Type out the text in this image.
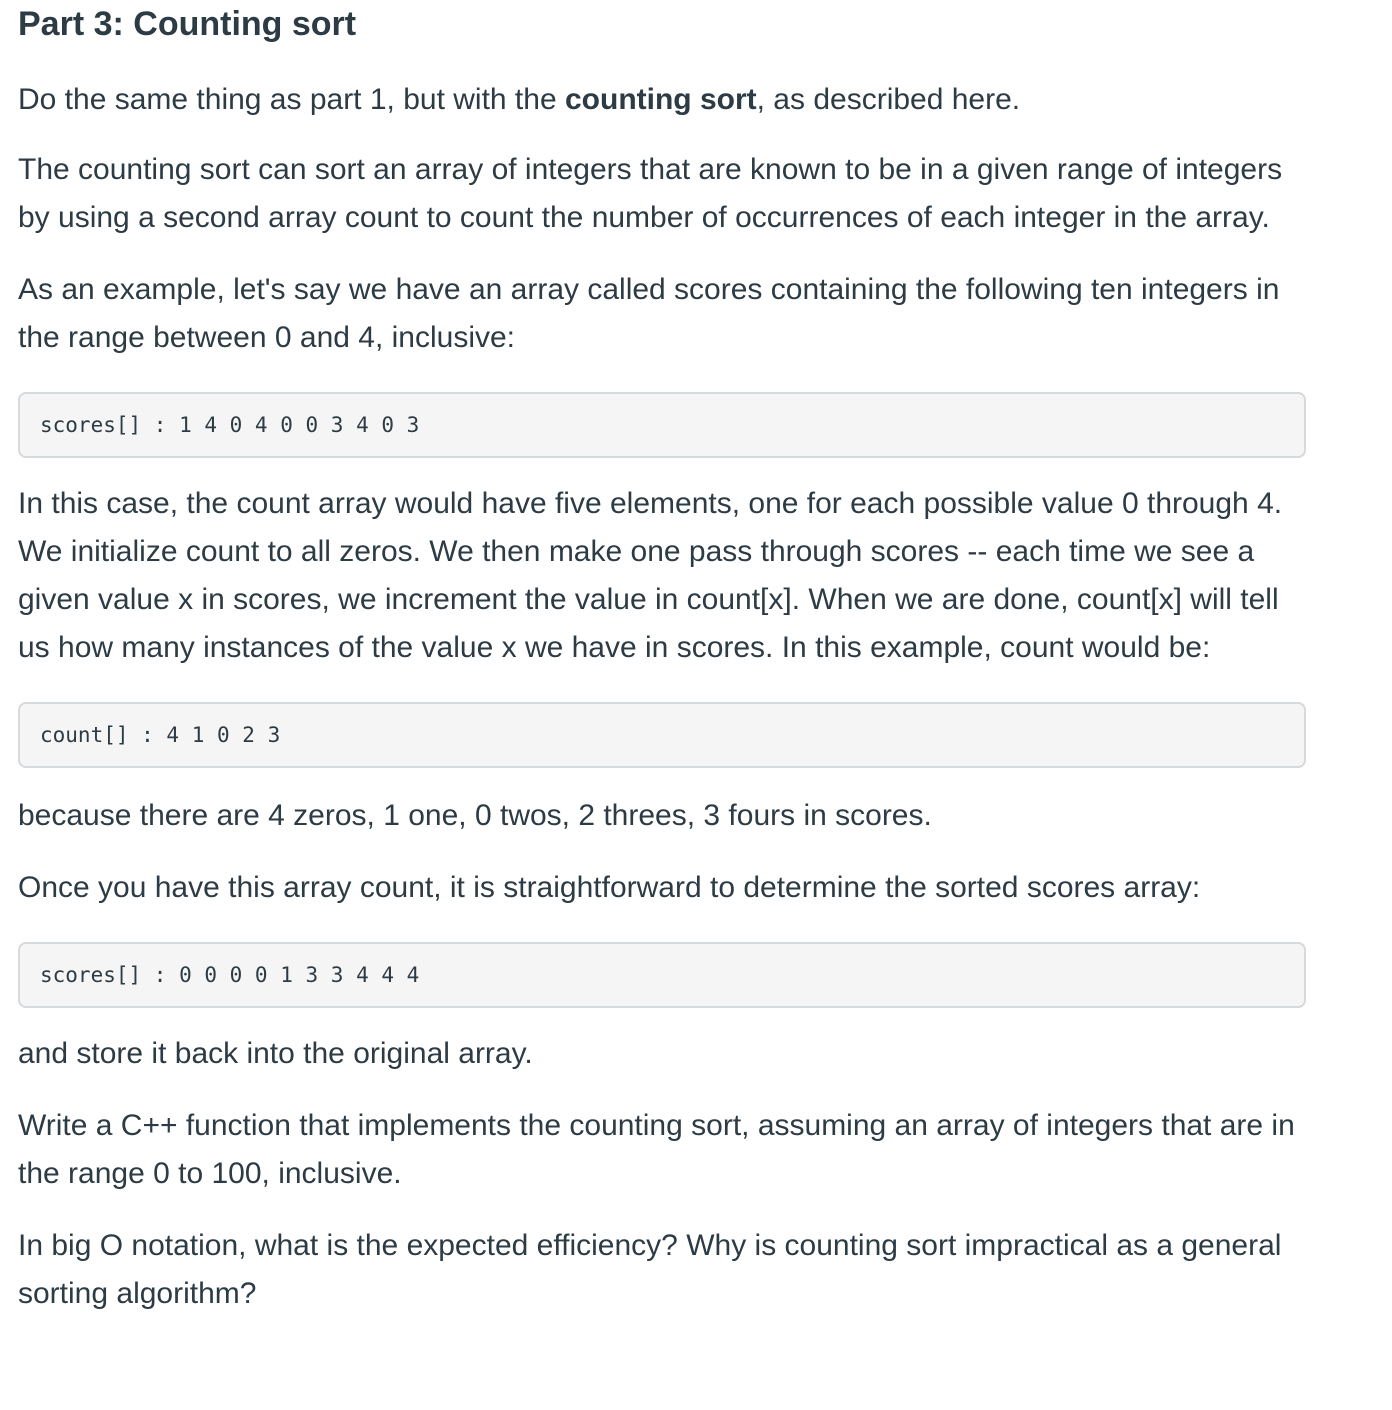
Part 3: Counting sort

Do the same thing as part 1, but with the counting sort, as described here.

The counting sort can sort an array of integers that are known to be in a given range of integers by using a second array count to count the number of occurrences of each integer in the array.

As an example, let's say we have an array called scores containing the following ten integers in the range between 0 and 4, inclusive:

scores[] : 1 4 0 4 0 0 3 4 0 3

In this case, the count array would have five elements, one for each possible value 0 through 4. We initialize count to all zeros. We then make one pass through scores -- each time we see a given value x in scores, we increment the value in count[x]. When we are done, count[x] will tell us how many instances of the value x we have in scores. In this example, count would be:

count[] : 4 1 0 2 3

because there are 4 zeros, 1 one, 0 twos, 2 threes, 3 fours in scores.

Once you have this array count, it is straightforward to determine the sorted scores array:

scores[] : 0 0 0 0 1 3 3 4 4 4

and store it back into the original array.

Write a C++ function that implements the counting sort, assuming an array of integers that are in the range 0 to 100, inclusive.

In big O notation, what is the expected efficiency? Why is counting sort impractical as a general sorting algorithm?
